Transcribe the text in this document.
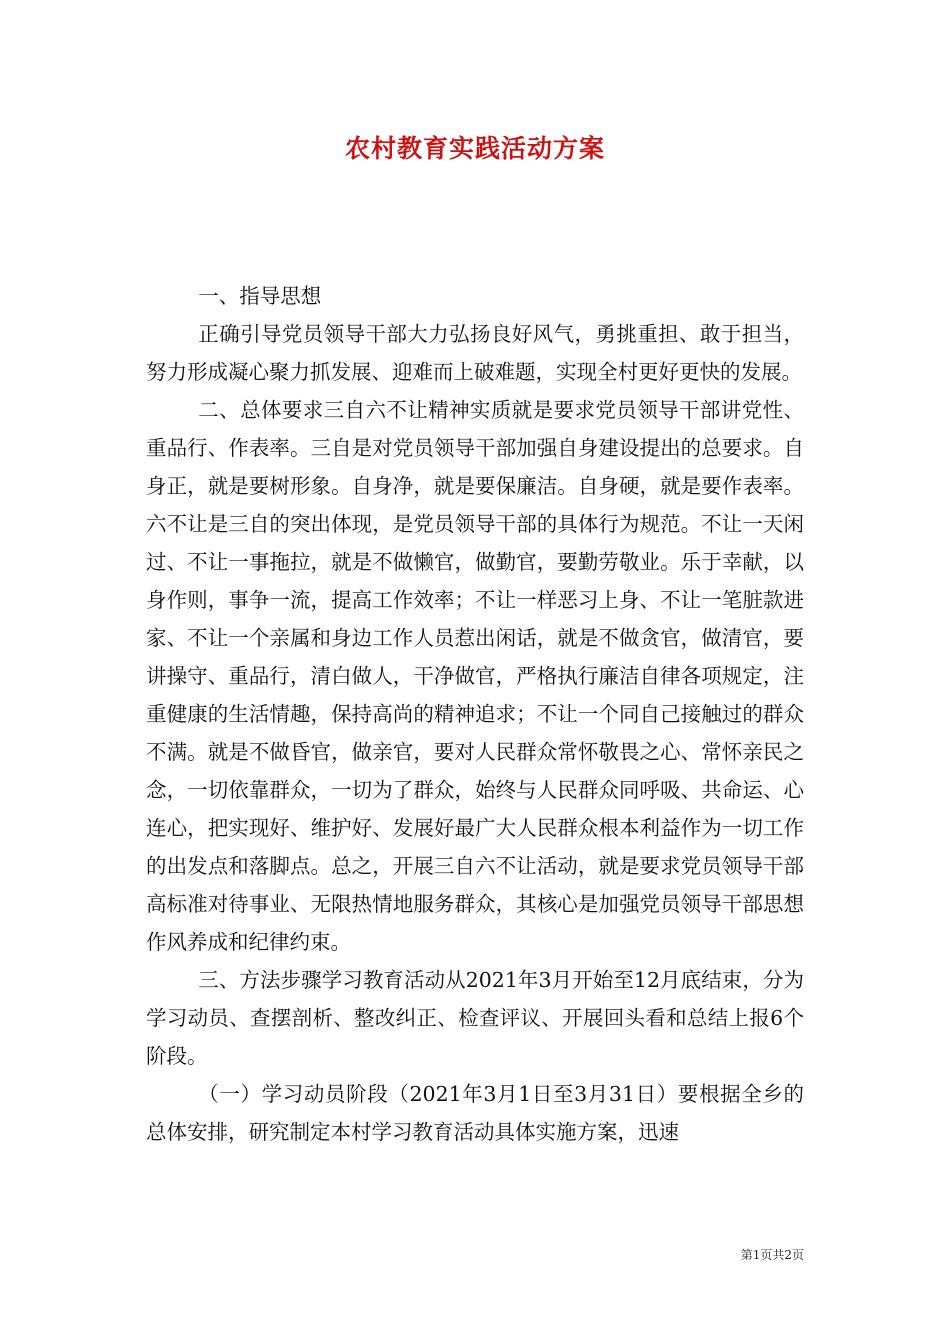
农村教育实践活动方案

一、指导思想

正确引导党员领导干部大力弘扬良好风气，勇挑重担、敢于担当，努力形成凝心聚力抓发展、迎难而上破难题，实现全村更好更快的发展。

二、总体要求三自六不让精神实质就是要求党员领导干部讲党性、重品行、作表率。三自是对党员领导干部加强自身建设提出的总要求。自身正，就是要树形象。自身净，就是要保廉洁。自身硬，就是要作表率。六不让是三自的突出体现，是党员领导干部的具体行为规范。不让一天闲过、不让一事拖拉，就是不做懒官，做勤官，要勤劳敬业。乐于幸献，以身作则，事争一流，提高工作效率；不让一样恶习上身、不让一笔脏款进家、不让一个亲属和身边工作人员惹出闲话，就是不做贪官，做清官，要讲操守、重品行，清白做人，干净做官，严格执行廉洁自律各项规定，注重健康的生活情趣，保持高尚的精神追求；不让一个同自己接触过的群众不满。就是不做昏官，做亲官，要对人民群众常怀敬畏之心、常怀亲民之念，一切依靠群众，一切为了群众，始终与人民群众同呼吸、共命运、心连心，把实现好、维护好、发展好最广大人民群众根本利益作为一切工作的出发点和落脚点。总之，开展三自六不让活动，就是要求党员领导干部高标准对待事业、无限热情地服务群众，其核心是加强党员领导干部思想作风养成和纪律约束。

三、方法步骤学习教育活动从2021年3月开始至12月底结束，分为学习动员、查摆剖析、整改纠正、检查评议、开展回头看和总结上报6个阶段。

（一）学习动员阶段（2021年3月1日至3月31日）要根据全乡的总体安排，研究制定本村学习教育活动具体实施方案，迅速

第1页共2页
